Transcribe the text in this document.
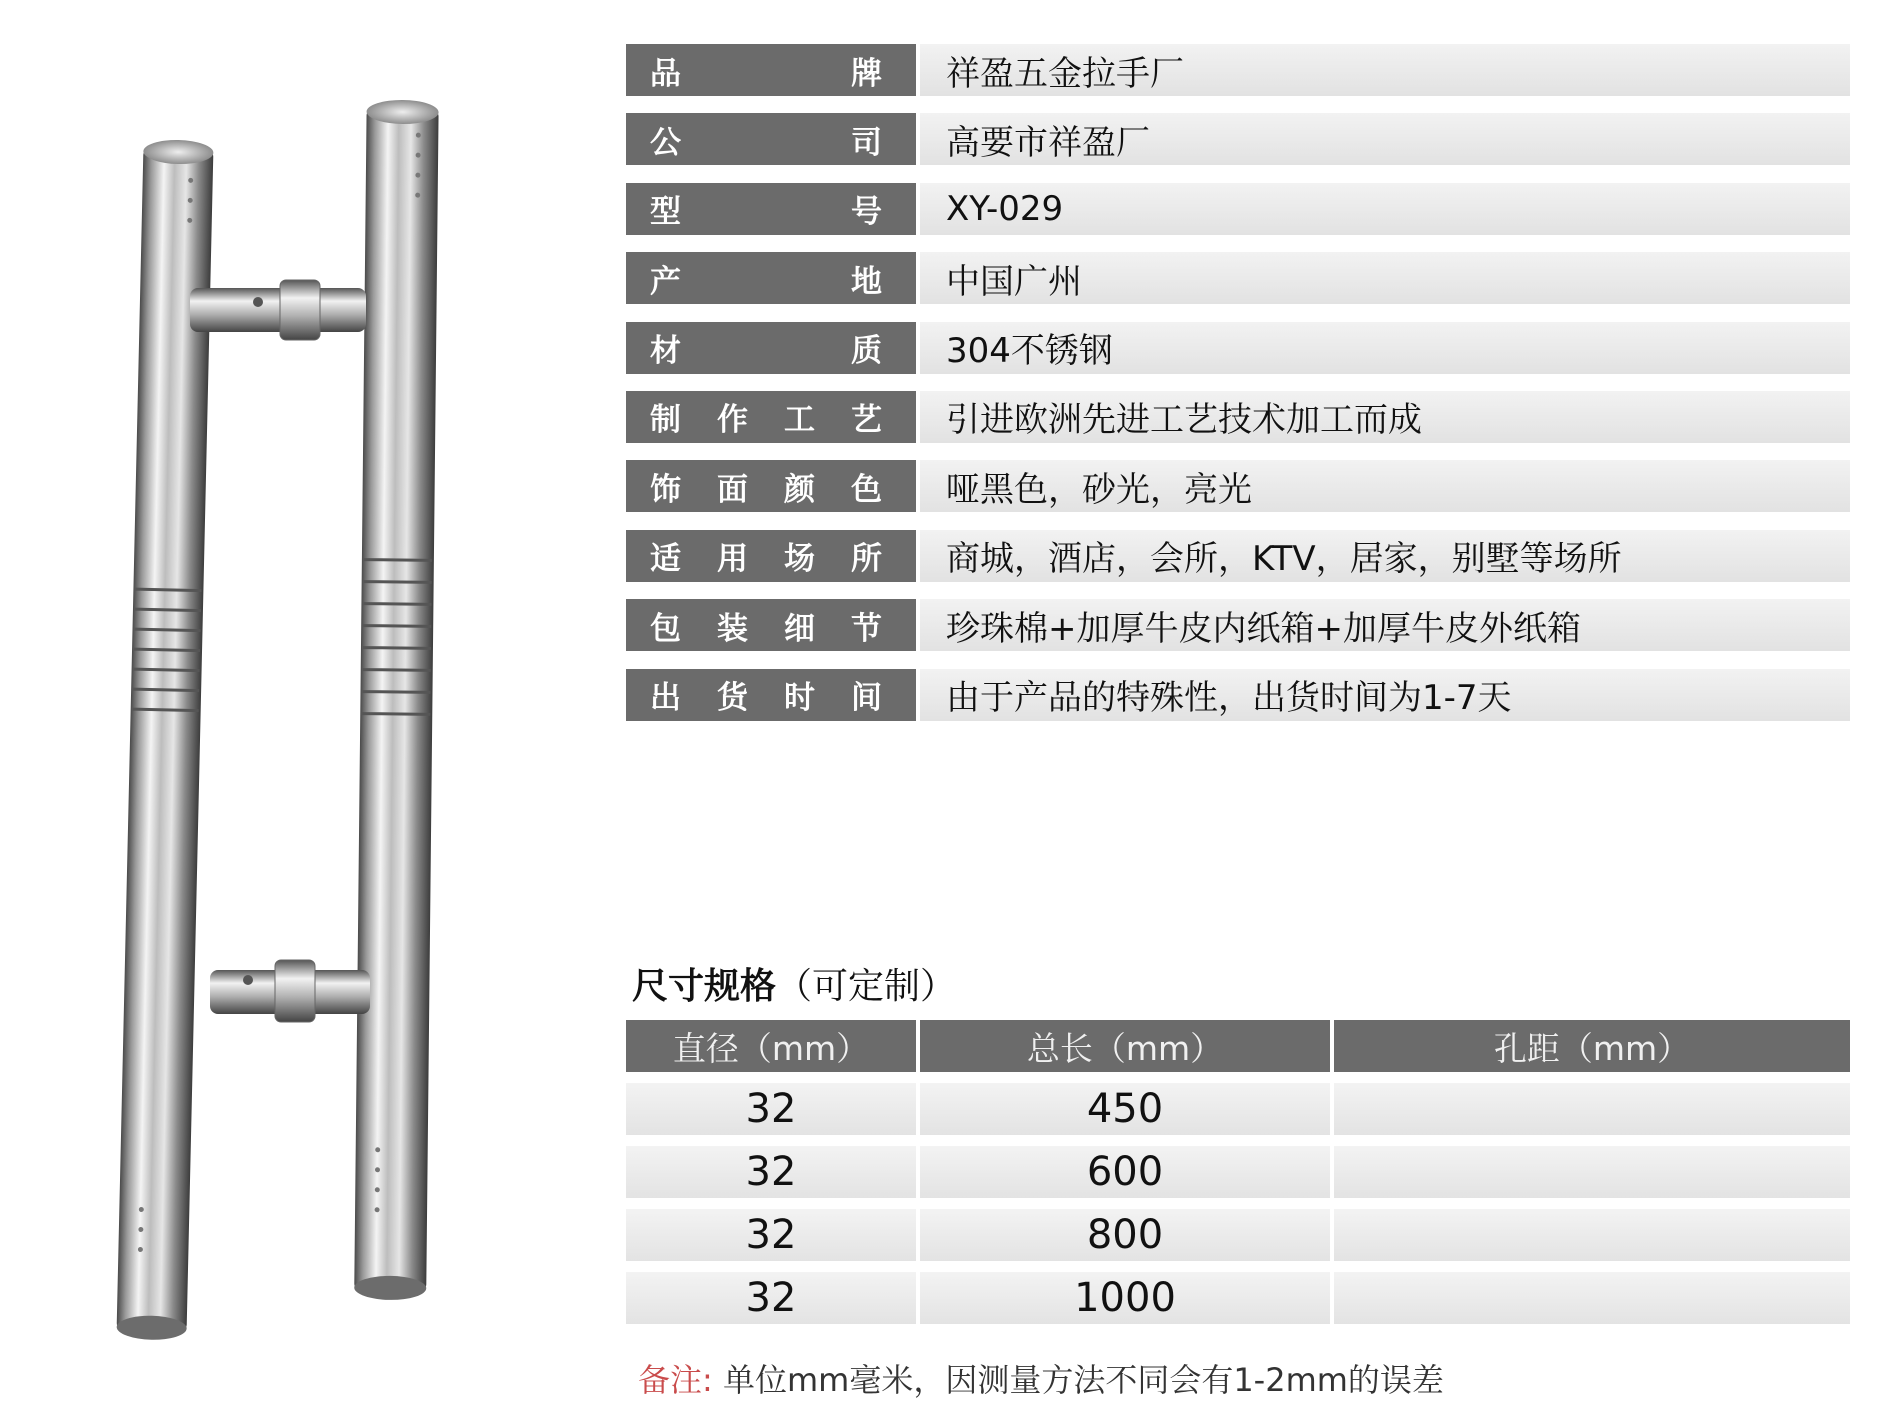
品	牌	祥盈五金拉手厂
公	司	高要市祥盈厂
型	号	XY-029
产	地	中国广州
材	质	304不锈钢
制 作 工 艺	引进欧洲先进工艺技术加工而成
饰 面 颜 色	哑黑色，砂光，亮光
适 用 场 所	商城，酒店，会所，KTV，居家，别墅等场所
包 装 细 节	珍珠棉+加厚牛皮内纸箱+加厚牛皮外纸箱
出 货 时 间	由于产品的特殊性，出货时间为1-7天
尺寸规格（可定制）
直径（mm）	总长（mm）	孔距（mm）
32	450
32	600
32	800
32	1000
备注: 单位mm毫米，因测量方法不同会有1-2mm的误差
